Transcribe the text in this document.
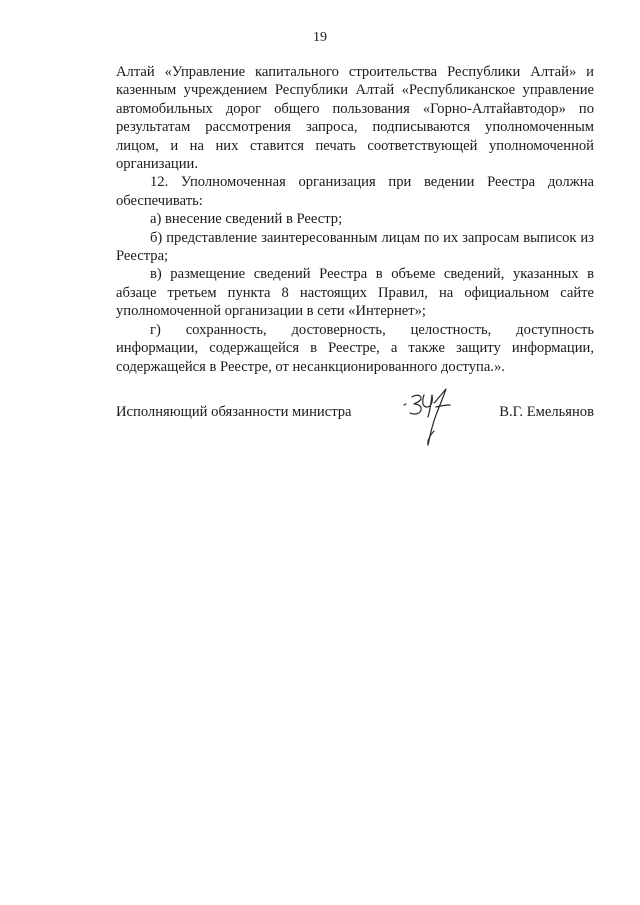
19

Алтай «Управление капитального строительства Республики Алтай» и казенным учреждением Республики Алтай «Республиканское управление автомобильных дорог общего пользования «Горно-Алтайавтодор» по результатам рассмотрения запроса, подписываются уполномоченным лицом, и на них ставится печать соответствующей уполномоченной организации.

12. Уполномоченная организация при ведении Реестра должна обеспечивать:

а) внесение сведений в Реестр;

б) представление заинтересованным лицам по их запросам выписок из Реестра;

в) размещение сведений Реестра в объеме сведений, указанных в абзаце третьем пункта 8 настоящих Правил, на официальном сайте уполномоченной организации в сети «Интернет»;

г) сохранность, достоверность, целостность, доступность информации, содержащейся в Реестре, а также защиту информации, содержащейся в Реестре, от несанкционированного доступа.».

Исполняющий обязанности министра	В.Г. Емельянов
